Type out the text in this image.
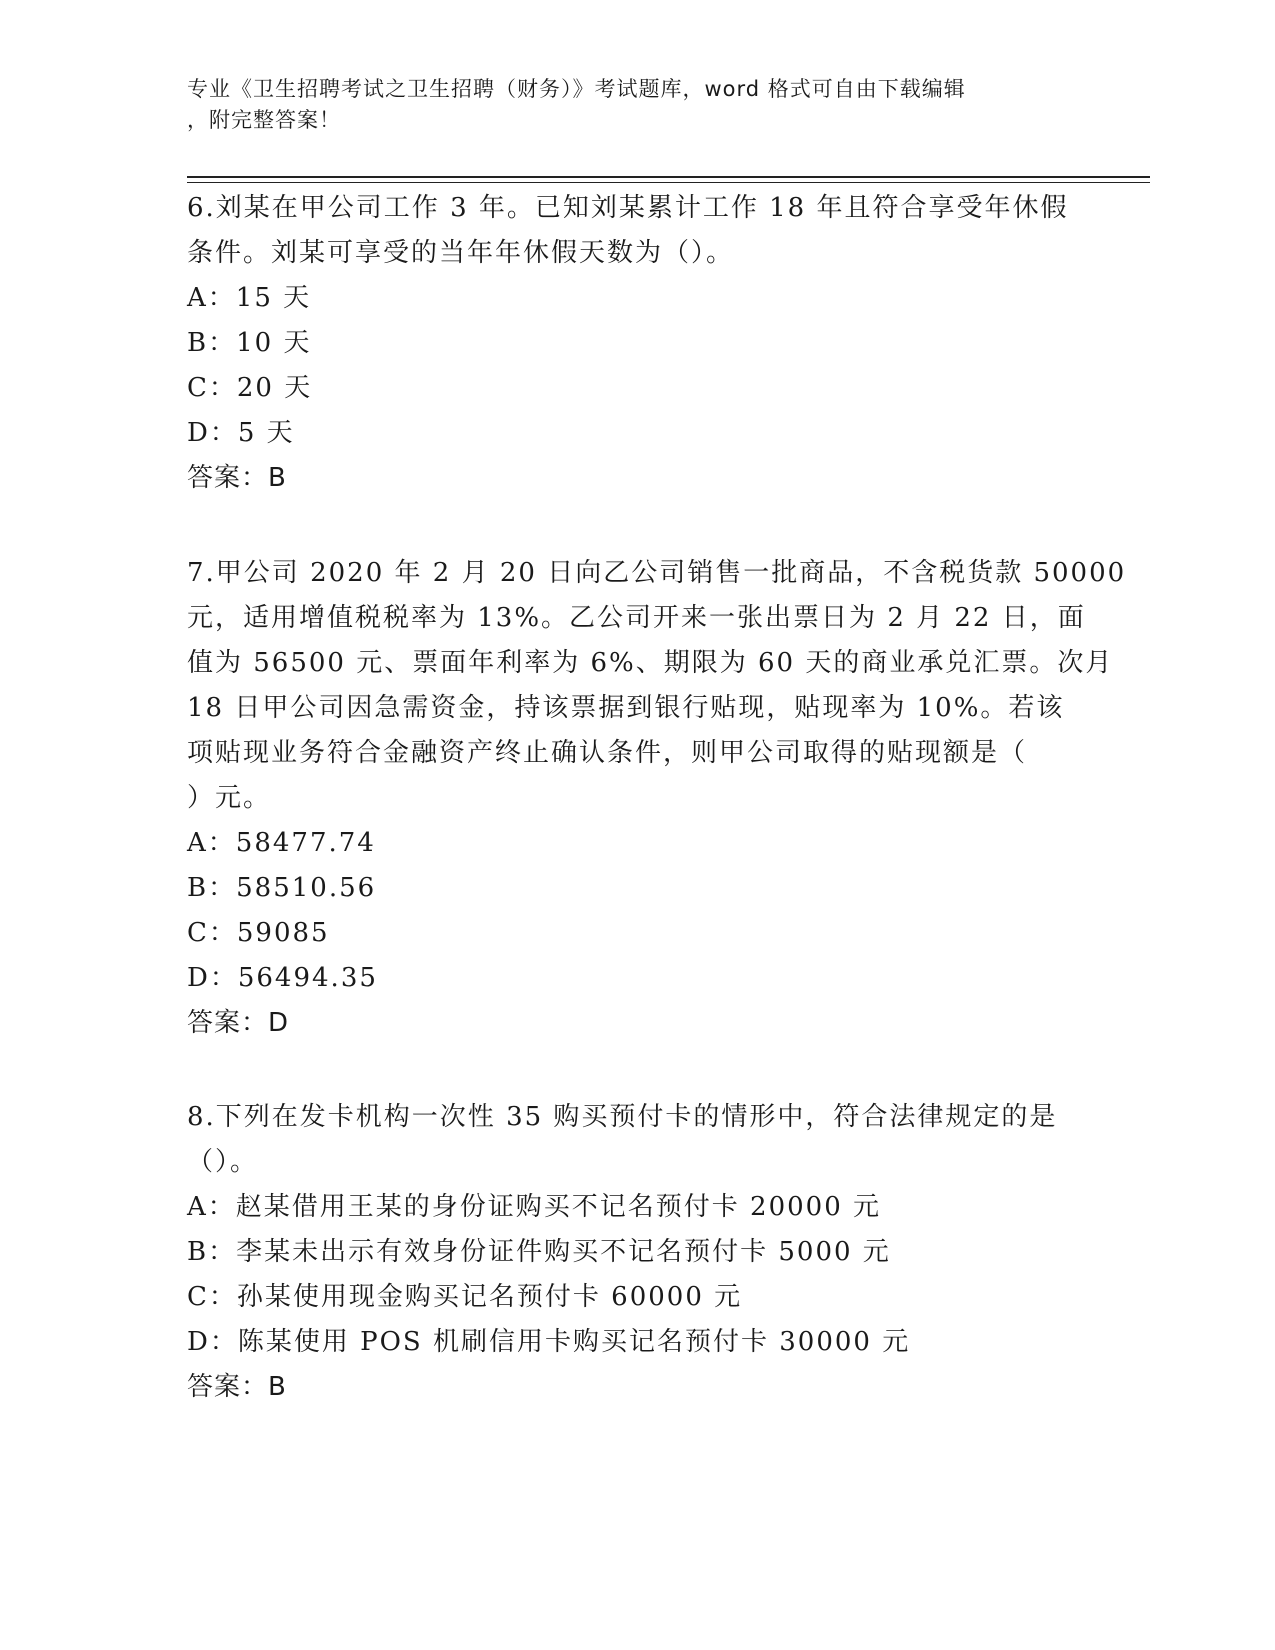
专业《卫生招聘考试之卫生招聘（财务）》考试题库，word 格式可自由下载编辑
，附完整答案！
6.刘某在甲公司工作 3 年。已知刘某累计工作 18 年且符合享受年休假
条件。刘某可享受的当年年休假天数为（）。
A：15 天
B：10 天
C：20 天
D：5 天
答案：B
7.甲公司 2020 年 2 月 20 日向乙公司销售一批商品，不含税货款 50000
元，适用增值税税率为 13%。乙公司开来一张出票日为 2 月 22 日，面
值为 56500 元、票面年利率为 6%、期限为 60 天的商业承兑汇票。次月
18 日甲公司因急需资金，持该票据到银行贴现，贴现率为 10%。若该
项贴现业务符合金融资产终止确认条件，则甲公司取得的贴现额是（
）元。
A：58477.74
B：58510.56
C：59085
D：56494.35
答案：D
8.下列在发卡机构一次性 35 购买预付卡的情形中，符合法律规定的是
（）。
A：赵某借用王某的身份证购买不记名预付卡 20000 元
B：李某未出示有效身份证件购买不记名预付卡 5000 元
C：孙某使用现金购买记名预付卡 60000 元
D：陈某使用 POS 机刷信用卡购买记名预付卡 30000 元
答案：B
